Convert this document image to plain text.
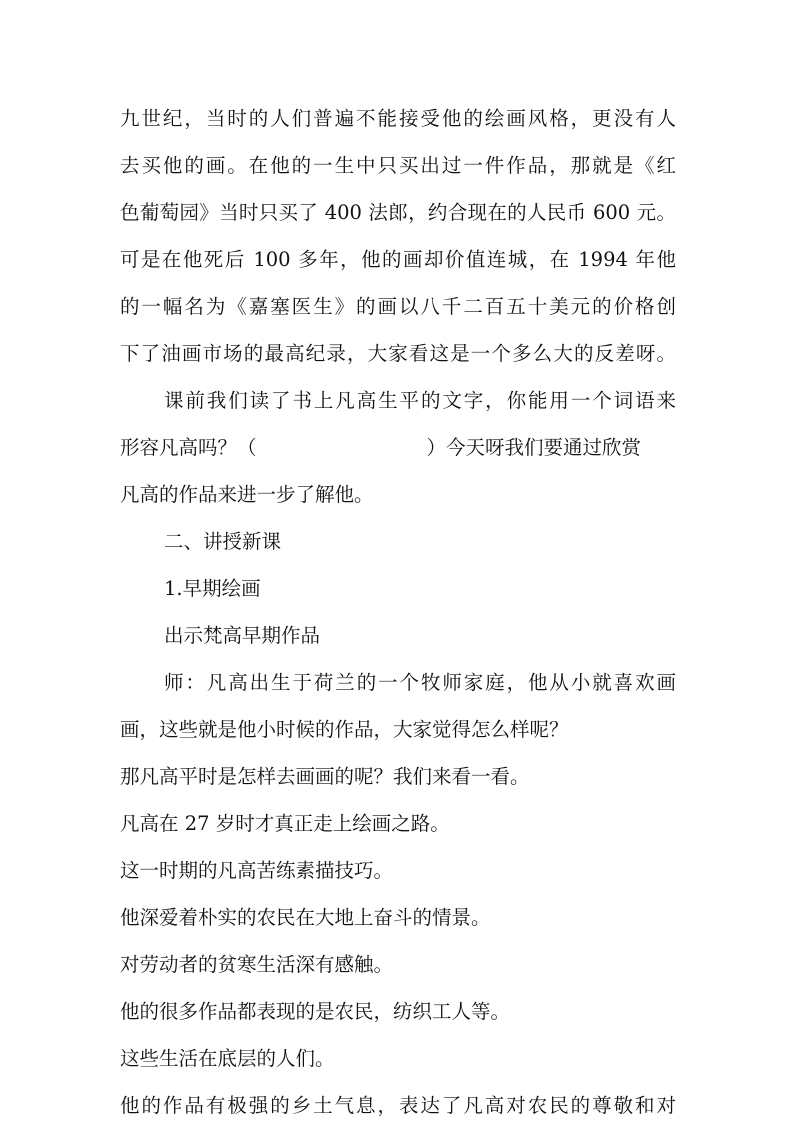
九世纪，当时的人们普遍不能接受他的绘画风格，更没有人
去买他的画。在他的一生中只买出过一件作品，那就是《红
色葡萄园》当时只买了 400 法郎，约合现在的人民币 600 元。
可是在他死后 100 多年，他的画却价值连城，在 1994 年他
的一幅名为《嘉塞医生》的画以八千二百五十美元的价格创
下了油画市场的最高纪录，大家看这是一个多么大的反差呀。
课前我们读了书上凡高生平的文字，你能用一个词语来
形容凡高吗？（	）今天呀我们要通过欣赏
凡高的作品来进一步了解他。
二、讲授新课
1.早期绘画
出示梵高早期作品
师：凡高出生于荷兰的一个牧师家庭，他从小就喜欢画
画，这些就是他小时候的作品，大家觉得怎么样呢？
那凡高平时是怎样去画画的呢？我们来看一看。
凡高在 27 岁时才真正走上绘画之路。
这一时期的凡高苦练素描技巧。
他深爱着朴实的农民在大地上奋斗的情景。
对劳动者的贫寒生活深有感触。
他的很多作品都表现的是农民，纺织工人等。
这些生活在底层的人们。
他的作品有极强的乡土气息，表达了凡高对农民的尊敬和对
